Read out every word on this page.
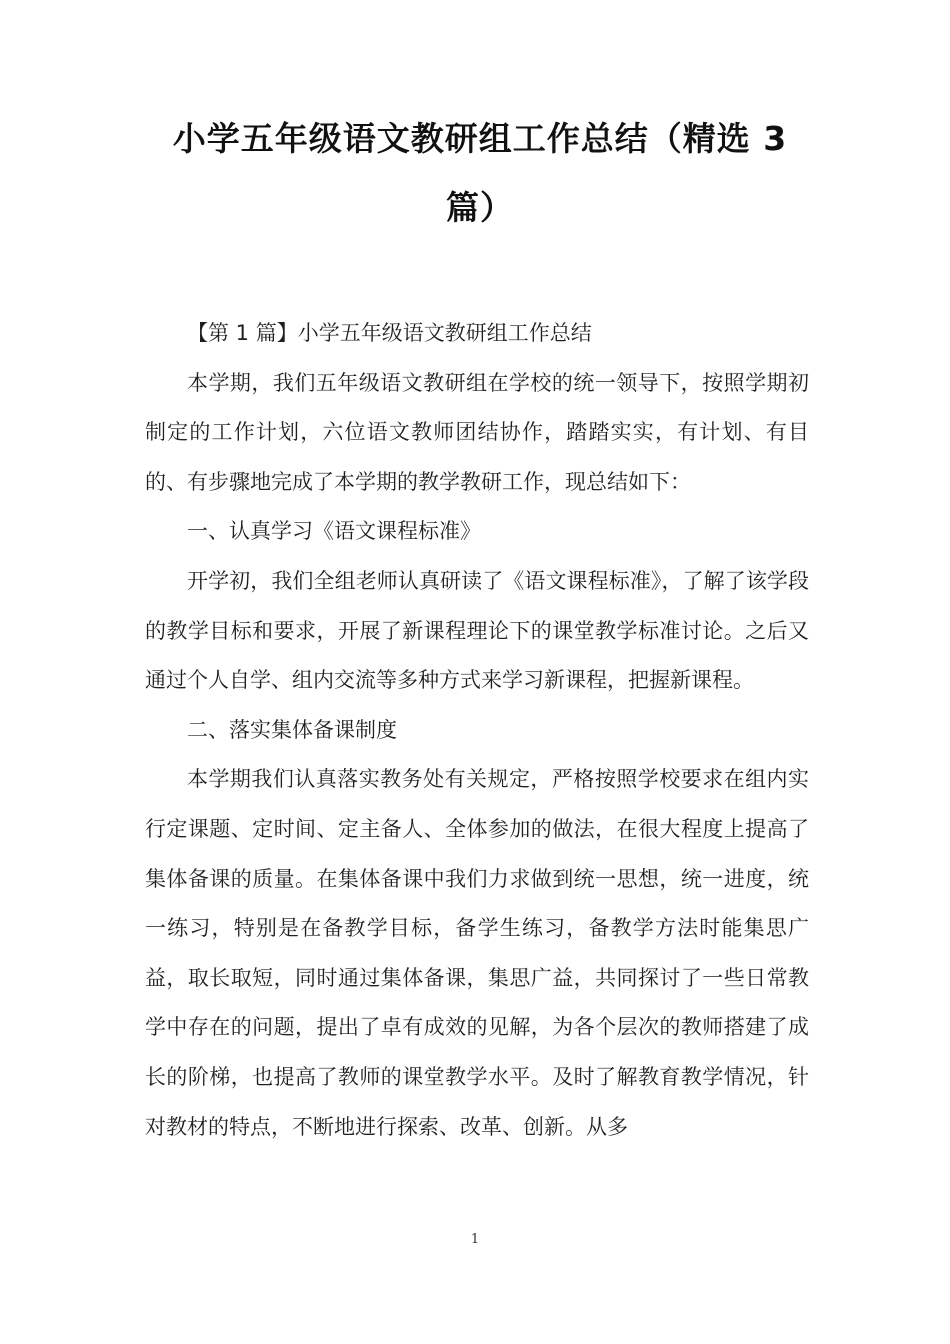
小学五年级语文教研组工作总结（精选 3 篇）

【第 1 篇】小学五年级语文教研组工作总结

本学期，我们五年级语文教研组在学校的统一领导下，按照学期初制定的工作计划，六位语文教师团结协作，踏踏实实，有计划、有目的、有步骤地完成了本学期的教学教研工作，现总结如下：

一、认真学习《语文课程标准》

开学初，我们全组老师认真研读了《语文课程标准》，了解了该学段的教学目标和要求，开展了新课程理论下的课堂教学标准讨论。之后又通过个人自学、组内交流等多种方式来学习新课程，把握新课程。

二、落实集体备课制度

本学期我们认真落实教务处有关规定，严格按照学校要求在组内实行定课题、定时间、定主备人、全体参加的做法，在很大程度上提高了集体备课的质量。在集体备课中我们力求做到统一思想，统一进度，统一练习，特别是在备教学目标，备学生练习，备教学方法时能集思广益，取长取短，同时通过集体备课，集思广益，共同探讨了一些日常教学中存在的问题，提出了卓有成效的见解，为各个层次的教师搭建了成长的阶梯，也提高了教师的课堂教学水平。及时了解教育教学情况，针对教材的特点，不断地进行探索、改革、创新。从多

1
